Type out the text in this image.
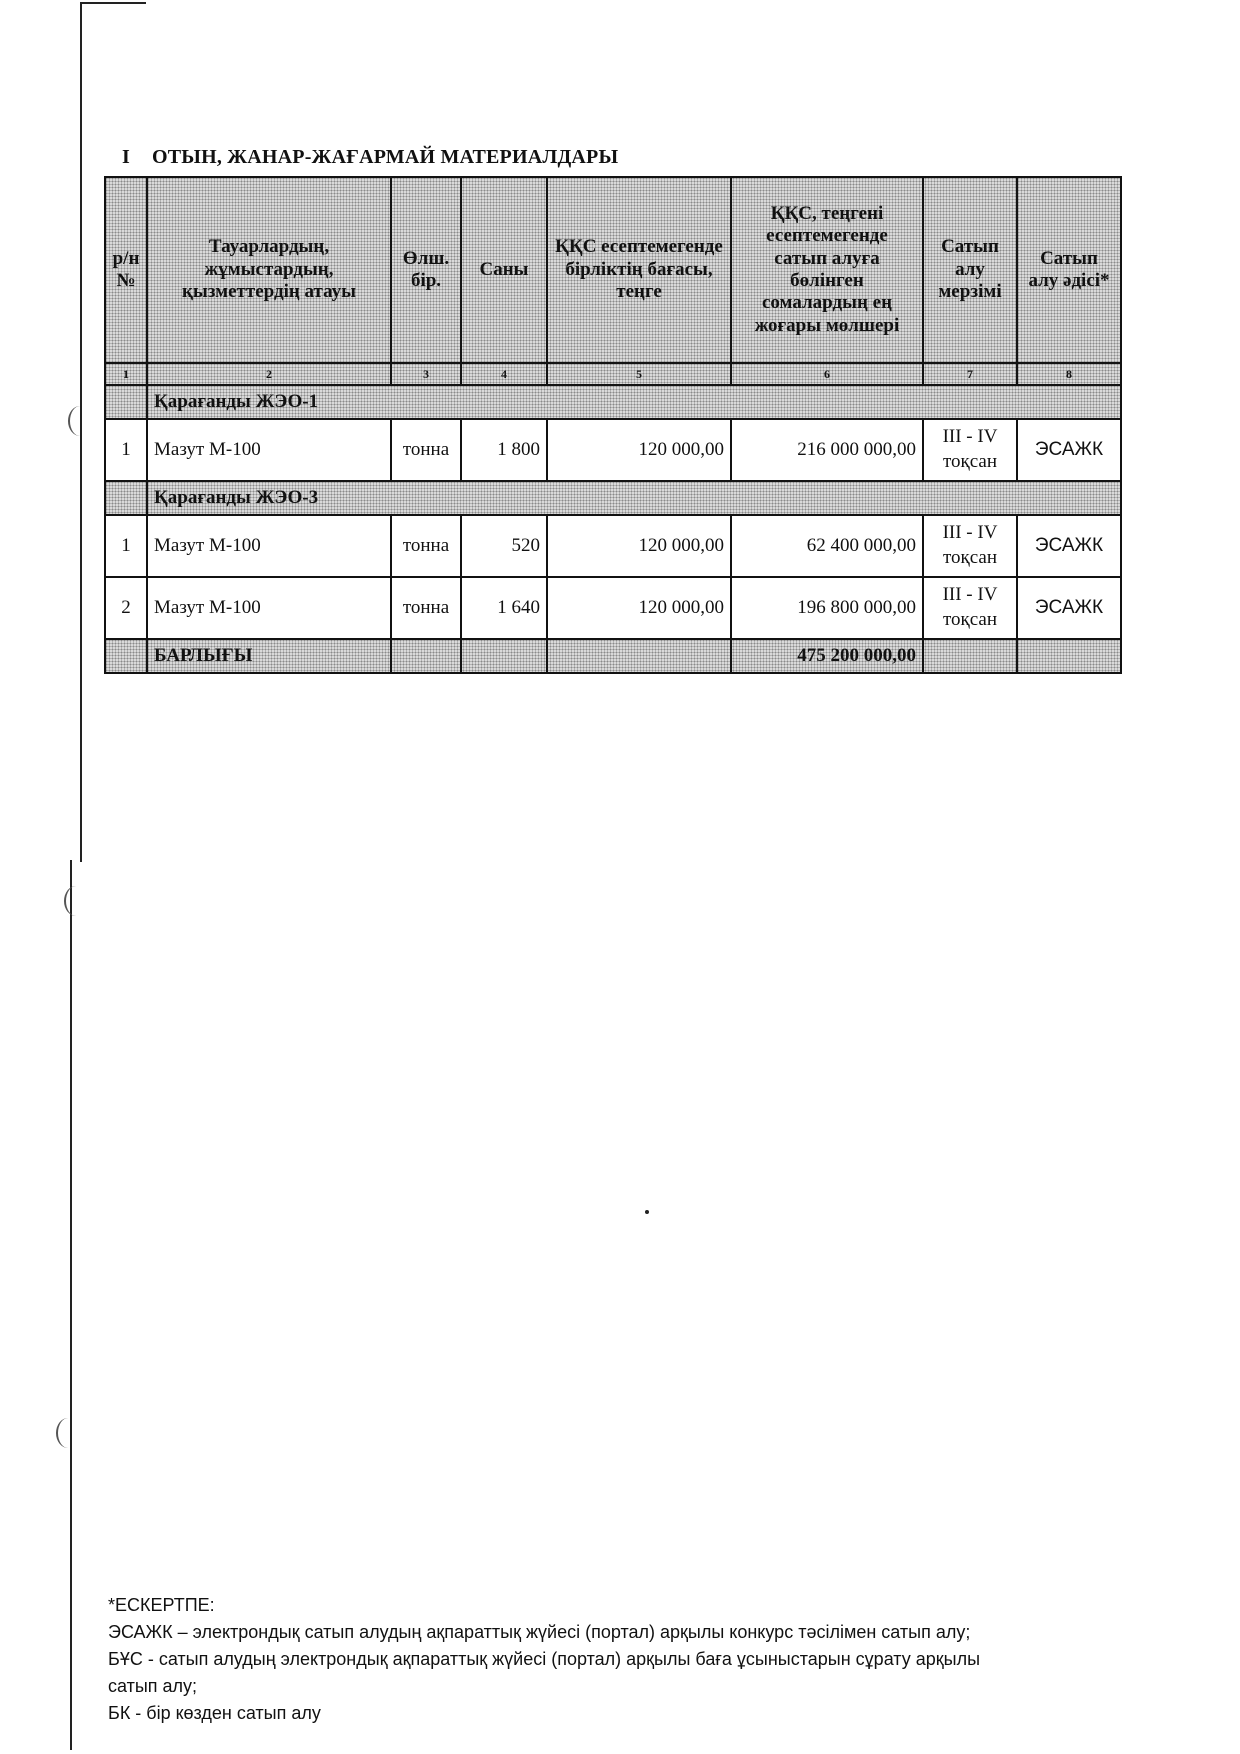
I ОТЫН, ЖАНАР-ЖАҒАРМАЙ МАТЕРИАЛДАРЫ
р/н №	Тауарлардың, жұмыстардың, қызметтердің атауы	Өлш. бір.	Саны	ҚҚС есептемегенде бірліктің бағасы, теңге	ҚҚС, теңгені есептемегенде сатып алуға бөлінген сомалардың ең жоғары мөлшері	Сатып алу мерзімі	Сатып алу әдісі*
1	2	3	4	5	6	7	8
	Қарағанды ЖЭО-1						
1	Мазут М-100	тонна	1 800	120 000,00	216 000 000,00	III - IV тоқсан	ЭСАЖК
	Қарағанды ЖЭО-3						
1	Мазут М-100	тонна	520	120 000,00	62 400 000,00	III - IV тоқсан	ЭСАЖК
2	Мазут М-100	тонна	1 640	120 000,00	196 800 000,00	III - IV тоқсан	ЭСАЖК
	БАРЛЫҒЫ				475 200 000,00		
*ЕСКЕРТПЕ:
ЭСАЖК – электрондық сатып алудың ақпараттық жүйесі (портал) арқылы конкурс тәсілімен сатып алу;
БҰС - сатып алудың электрондық ақпараттық жүйесі (портал) арқылы баға ұсыныстарын сұрату арқылы
сатып алу;
БК - бір көзден сатып алу
